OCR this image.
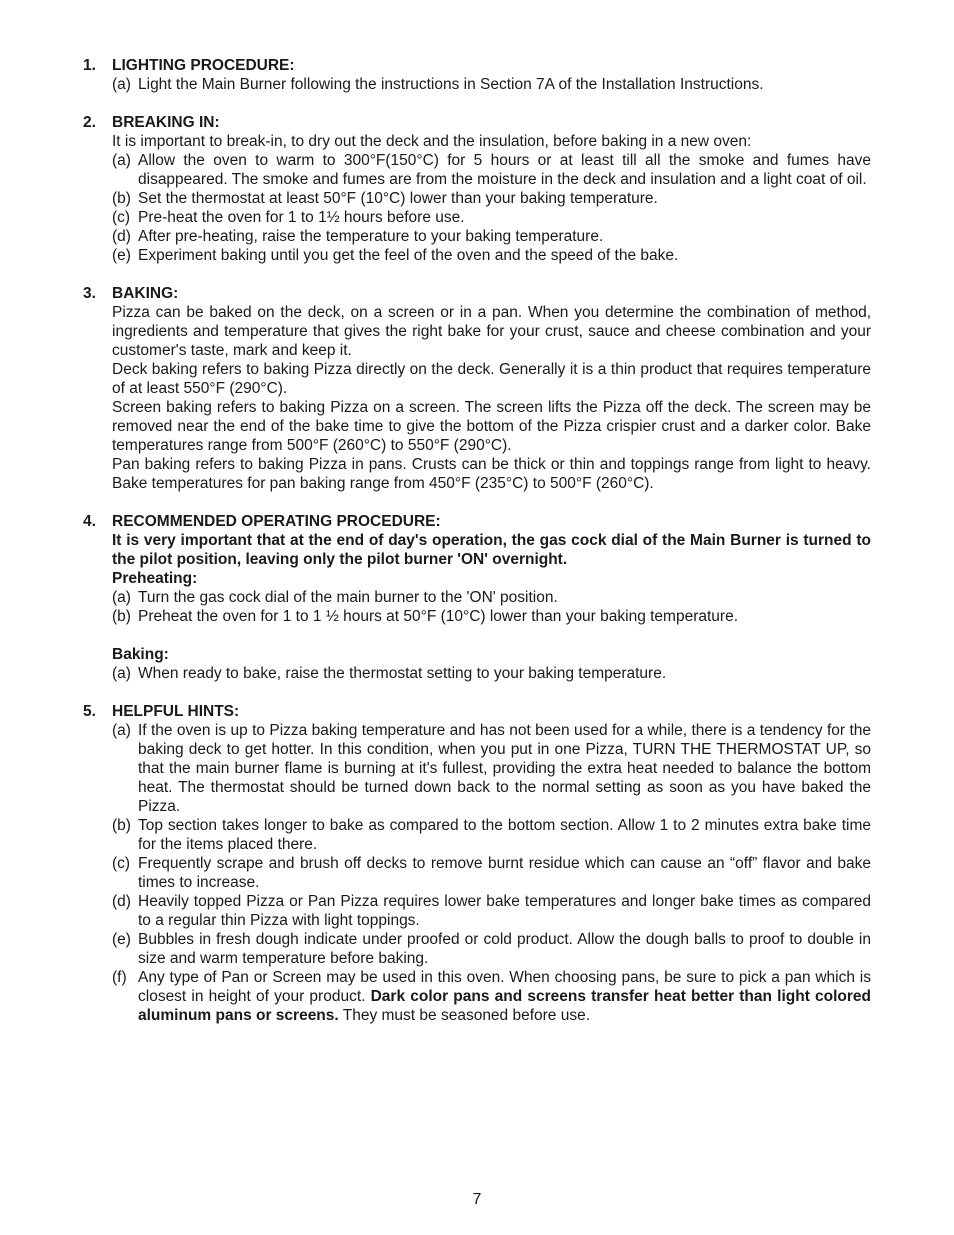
1.	LIGHTING PROCEDURE:
(a) Light the Main Burner following the instructions in Section 7A of the Installation Instructions.
2.	BREAKING IN:
It is important to break-in, to dry out the deck and the insulation, before baking in a new oven:
(a) Allow the oven to warm to 300°F(150°C) for 5 hours or at least till all the smoke and fumes have disappeared. The smoke and fumes are from the moisture in the deck and insulation and a light coat of oil.
(b) Set the thermostat at least 50°F (10°C) lower than your baking temperature.
(c) Pre-heat the oven for 1 to 1½ hours before use.
(d) After pre-heating, raise the temperature to your baking temperature.
(e) Experiment baking until you get the feel of the oven and the speed of the bake.
3.	BAKING:
Pizza can be baked on the deck, on a screen or in a pan. When you determine the combination of method, ingredients and temperature that gives the right bake for your crust, sauce and cheese combination and your customer's taste, mark and keep it.
Deck baking refers to baking Pizza directly on the deck. Generally it is a thin product that requires temperature of at least 550°F (290°C).
Screen baking refers to baking Pizza on a screen. The screen lifts the Pizza off the deck. The screen may be removed near the end of the bake time to give the bottom of the Pizza crispier crust and a darker color. Bake temperatures range from 500°F (260°C) to 550°F (290°C).
Pan baking refers to baking Pizza in pans. Crusts can be thick or thin and toppings range from light to heavy. Bake temperatures for pan baking range from 450°F (235°C) to 500°F (260°C).
4.	RECOMMENDED OPERATING PROCEDURE:
It is very important that at the end of day's operation, the gas cock dial of the Main Burner is turned to the pilot position, leaving only the pilot burner 'ON' overnight.
Preheating:
(a) Turn the gas cock dial of the main burner to the 'ON' position.
(b) Preheat the oven for 1 to 1 ½ hours at 50°F (10°C) lower than your baking temperature.
Baking:
(a) When ready to bake, raise the thermostat setting to your baking temperature.
5.	HELPFUL HINTS:
(a) If the oven is up to Pizza baking temperature and has not been used for a while, there is a tendency for the baking deck to get hotter. In this condition, when you put in one Pizza, TURN THE THERMOSTAT UP, so that the main burner flame is burning at it's fullest, providing the extra heat needed to balance the bottom heat. The thermostat should be turned down back to the normal setting as soon as you have baked the Pizza.
(b) Top section takes longer to bake as compared to the bottom section. Allow 1 to 2 minutes extra bake time for the items placed there.
(c) Frequently scrape and brush off decks to remove burnt residue which can cause an “off” flavor and bake times to increase.
(d) Heavily topped Pizza or Pan Pizza requires lower bake temperatures and longer bake times as compared to a regular thin Pizza with light toppings.
(e) Bubbles in fresh dough indicate under proofed or cold product. Allow the dough balls to proof to double in size and warm temperature before baking.
(f) Any type of Pan or Screen may be used in this oven. When choosing pans, be sure to pick a pan which is closest in height of your product. Dark color pans and screens transfer heat better than light colored aluminum pans or screens. They must be seasoned before use.
7
